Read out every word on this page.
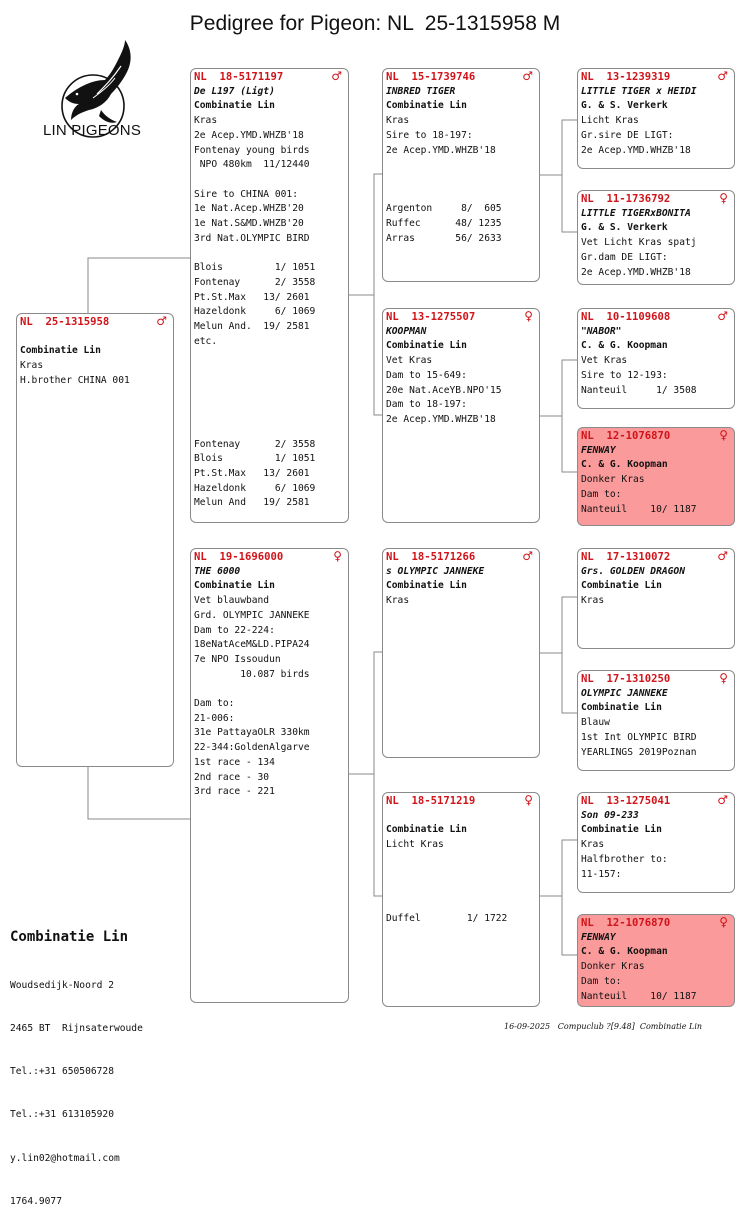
Pedigree for Pigeon: NL  25-1315958 M
LIN PIGEONS
NL  25-1315958	♂

Combinatie Lin
Kras
H.brother CHINA 001
NL  18-5171197	♂
De L197 (Ligt)
Combinatie Lin
Kras
2e Acep.YMD.WHZB'18
Fontenay young birds
NPO 480km  11/12440

Sire to CHINA 001:
1e Nat.Acep.WHZB'20
1e Nat.S&MD.WHZB'20
3rd Nat.OLYMPIC BIRD

Blois         1/ 1051
Fontenay      2/ 3558
Pt.St.Max   13/ 2601
Hazeldonk     6/ 1069
Melun And.  19/ 2581
etc.

Fontenay      2/ 3558
Blois         1/ 1051
Pt.St.Max   13/ 2601
Hazeldonk     6/ 1069
Melun And   19/ 2581
NL  19-1696000	♀
THE 6000
Combinatie Lin
Vet blauwband
Grd. OLYMPIC JANNEKE
Dam to 22-224:
18eNatAceM&LD.PIPA24
7e NPO Issoudun
10.087 birds

Dam to:
21-006:
31e PattayaOLR 330km
22-344:GoldenAlgarve
1st race - 134
2nd race - 30
3rd race - 221
NL  15-1739746	♂
INBRED TIGER
Combinatie Lin
Kras
Sire to 18-197:
2e Acep.YMD.WHZB'18

Argenton     8/  605
Ruffec      48/ 1235
Arras       56/ 2633
NL  13-1275507	♀
KOOPMAN
Combinatie Lin
Vet Kras
Dam to 15-649:
20e Nat.AceYB.NPO'15
Dam to 18-197:
2e Acep.YMD.WHZB'18
NL  18-5171266	♂
s OLYMPIC JANNEKE
Combinatie Lin
Kras
NL  18-5171219	♀

Combinatie Lin
Licht Kras

Duffel        1/ 1722
NL  13-1239319	♂
LITTLE TIGER x HEIDI
G. & S. Verkerk
Licht Kras
Gr.sire DE LIGT:
2e Acep.YMD.WHZB'18
NL  11-1736792	♀
LITTLE TIGERxBONITA
G. & S. Verkerk
Vet Licht Kras spatj
Gr.dam DE LIGT:
2e Acep.YMD.WHZB'18
NL  10-1109608	♂
"NABOR"
C. & G. Koopman
Vet Kras
Sire to 12-193:
Nanteuil     1/ 3508
NL  12-1076870	♀
FENWAY
C. & G. Koopman
Donker Kras
Dam to:
Nanteuil    10/ 1187
NL  17-1310072	♂
Grs. GOLDEN DRAGON
Combinatie Lin
Kras
NL  17-1310250	♀
OLYMPIC JANNEKE
Combinatie Lin
Blauw
1st Int OLYMPIC BIRD
YEARLINGS 2019Poznan
NL  13-1275041	♂
Son 09-233
Combinatie Lin
Kras
Halfbrother to:
11-157:
NL  12-1076870	♀
FENWAY
C. & G. Koopman
Donker Kras
Dam to:
Nanteuil    10/ 1187
Combinatie Lin

Woudsedijk-Noord 2

2465 BT  Rijnsaterwoude

Tel.:+31 650506728

Tel.:+31 613105920

y.lin02@hotmail.com

1764.9077

16-09-2025   Compuclub ?[9.48]  Combinatie Lin
